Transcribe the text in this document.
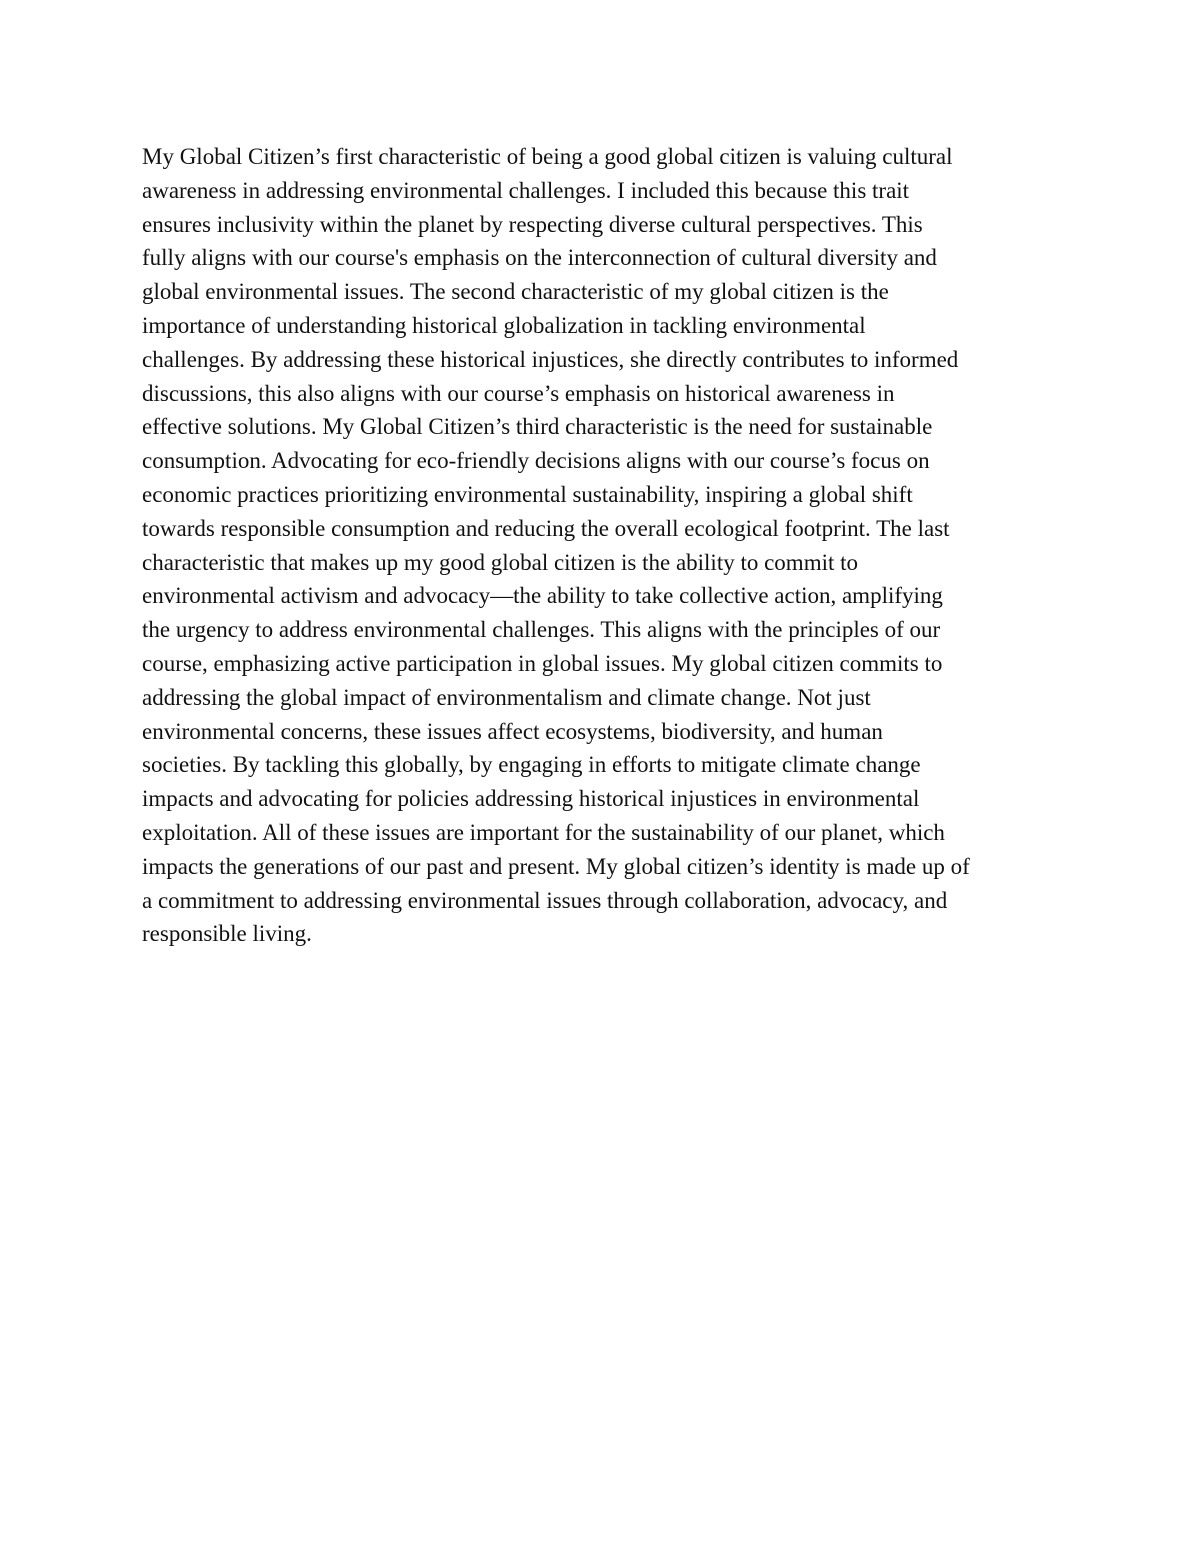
My Global Citizen’s first characteristic of being a good global citizen is valuing cultural
awareness in addressing environmental challenges. I included this because this trait
ensures inclusivity within the planet by respecting diverse cultural perspectives. This
fully aligns with our course's emphasis on the interconnection of cultural diversity and
global environmental issues. The second characteristic of my global citizen is the
importance of understanding historical globalization in tackling environmental
challenges. By addressing these historical injustices, she directly contributes to informed
discussions, this also aligns with our course’s emphasis on historical awareness in
effective solutions. My Global Citizen’s third characteristic is the need for sustainable
consumption. Advocating for eco-friendly decisions aligns with our course’s focus on
economic practices prioritizing environmental sustainability, inspiring a global shift
towards responsible consumption and reducing the overall ecological footprint. The last
characteristic that makes up my good global citizen is the ability to commit to
environmental activism and advocacy—the ability to take collective action, amplifying
the urgency to address environmental challenges. This aligns with the principles of our
course, emphasizing active participation in global issues. My global citizen commits to
addressing the global impact of environmentalism and climate change. Not just
environmental concerns, these issues affect ecosystems, biodiversity, and human
societies. By tackling this globally, by engaging in efforts to mitigate climate change
impacts and advocating for policies addressing historical injustices in environmental
exploitation. All of these issues are important for the sustainability of our planet, which
impacts the generations of our past and present. My global citizen’s identity is made up of
a commitment to addressing environmental issues through collaboration, advocacy, and
responsible living.
